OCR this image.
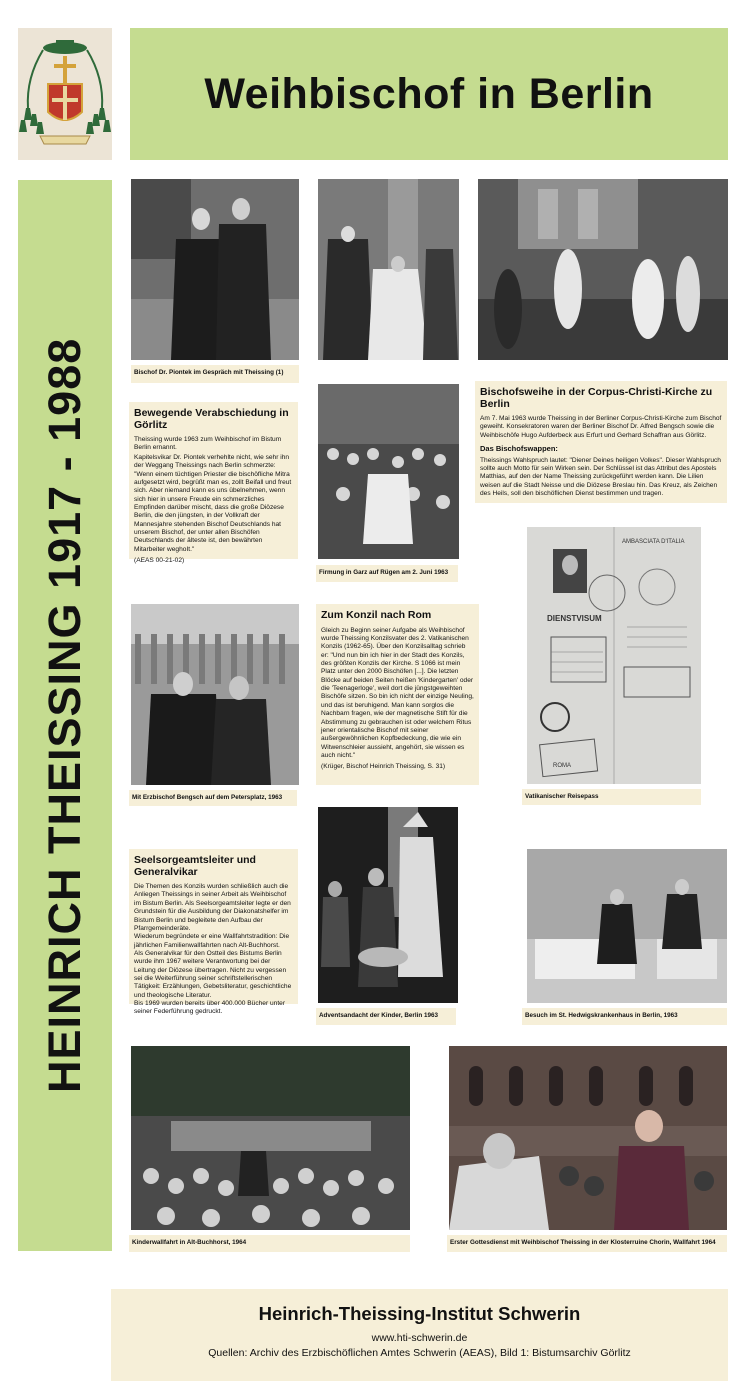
Weihbischof in Berlin
HEINRICH THEISSING 1917 - 1988	Bischof Dr. Piontek im Gespräch mit Theissing (1)
Bewegende Verabschiedung in Görlitz

Theissing wurde 1963 zum Weihbischof im Bistum Berlin ernannt.

Kapitelsvikar Dr. Piontek verhehlte nicht, wie sehr ihn der Weggang Theissings nach Berlin schmerzte: "Wenn einem tüchtigen Priester die bischöfliche Mitra aufgesetzt wird, begrüßt man es, zollt Beifall und freut sich. Aber niemand kann es uns übelnehmen, wenn sich hier in unsere Freude ein schmerzliches Empfinden darüber mischt, dass die große Diözese Berlin, die den jüngsten, in der Vollkraft der Mannesjahre stehenden Bischof Deutschlands hat unserem Bischof, der unter allen Bischöfen Deutschlands der älteste ist, den bewährten Mitarbeiter weghoIt."

(AEAS 00-21-02)

Firmung in Garz auf Rügen am 2. Juni 1963
Bischofsweihe in der Corpus-Christi-Kirche zu Berlin

Am 7. Mai 1963 wurde Theissing in der Berliner Corpus-Christi-Kirche zum Bischof geweiht. Konsekratoren waren der Berliner Bischof Dr. Alfred Bengsch sowie die Weihbischöfe Hugo Aufderbeck aus Erfurt und Gerhard Schaffran aus Görlitz.

Das Bischofswappen:

Theissings Wahlspruch lautet: "Diener Deines heiligen Volkes". Dieser Wahlspruch sollte auch Motto für sein Wirken sein. Der Schlüssel ist das Attribut des Apostels Matthias, auf den der Name Theissing zurückgeführt werden kann. Die Lilien weisen auf die Stadt Neisse und die Diözese Breslau hin. Das Kreuz, als Zeichen des Heils, soll den bischöflichen Dienst bestimmen und tragen.

DIENSTVISUM
AMBASCIATA D'ITALIA
ROMA
Vatikanischer Reisepass
Mit Erzbischof Bengsch auf dem Petersplatz, 1963
Zum Konzil nach Rom

Gleich zu Beginn seiner Aufgabe als Weihbischof wurde Theissing Konzilsvater des 2. Vatikanischen Konzils (1962-65). Über den Konzilsalltag schrieb er: "Und nun bin ich hier in der Stadt des Konzils, des größten Konzils der Kirche. S 1066 ist mein Platz unter den 2000 Bischöfen [...]. Die letzten Blöcke auf beiden Seiten heißen 'Kindergarten' oder die 'Teenagerloge', weil dort die jüngstgeweihten Bischöfe sitzen. So bin ich nicht der einzige Neuling, und das ist beruhigend. Man kann sorglos die Nachbarn fragen, wie der magnetische Stift für die Abstimmung zu gebrauchen ist oder welchem Ritus jener orientalische Bischof mit seiner außergewöhnlichen Kopfbedeckung, die wie ein Witwenschleier aussieht, angehört, sie wissen es auch nicht."

(Krüger, Bischof Heinrich Theissing, S. 31)

Seelsorgeamtsleiter und Generalvikar

Die Themen des Konzils wurden schließlich auch die Anliegen Theissings in seiner Arbeit als Weihbischof im Bistum Berlin. Als Seelsorgeamtsleiter legte er den Grundstein für die Ausbildung der Diakonatshelfer im Bistum Berlin und begleitete den Aufbau der Pfarrgemeinderäte.

Wiederum begründete er eine Wallfahrtstradition: Die jährlichen Familienwallfahrten nach Alt-Buchhorst.

Als Generalvikar für den Ostteil des Bistums Berlin wurde ihm 1967 weitere Verantwortung bei der Leitung der Diözese übertragen. Nicht zu vergessen sei die Weiterführung seiner schriftstellerischen Tätigkeit: Erzählungen, Gebetsliteratur, geschichtliche und theologische Literatur.

Bis 1969 wurden bereits über 400.000 Bücher unter seiner Federführung gedruckt.

Adventsandacht der Kinder, Berlin 1963	Besuch im St. Hedwigskrankenhaus in Berlin, 1963
Kinderwallfahrt in Alt-Buchhorst, 1964	Erster Gottesdienst mit Weihbischof Theissing in der Klosterruine Chorin, Wallfahrt 1964
Heinrich-Theissing-Institut Schwerin
www.hti-schwerin.de
Quellen: Archiv des Erzbischöflichen Amtes Schwerin (AEAS), Bild 1: Bistumsarchiv Görlitz
